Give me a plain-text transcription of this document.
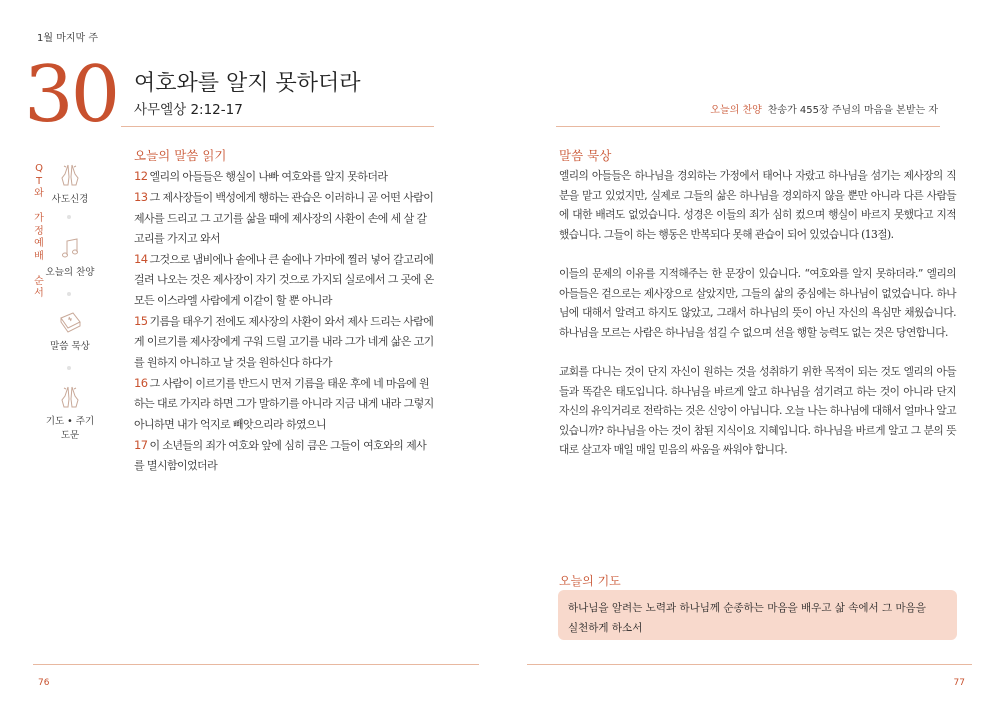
1월 마지막 주
30 여호와를 알지 못하더라
사무엘상 2:12-17	오늘의 찬양 찬송가 455장 주님의 마음을 본받는 자
Q
T
와

가
정
예
배

순
서
사도신경
오늘의 찬양
말씀 묵상
기도 • 주기도문
오늘의 말씀 읽기
12 엘리의 아들들은 행실이 나빠 여호와를 알지 못하더라
13 그 제사장들이 백성에게 행하는 관습은 이러하니 곧 어떤 사람이 제사를 드리고 그 고기를 삶을 때에 제사장의 사환이 손에 세 살 갈고리를 가지고 와서
14 그것으로 냄비에나 솥에나 큰 솥에나 가마에 찔러 넣어 갈고리에 걸려 나오는 것은 제사장이 자기 것으로 가지되 실로에서 그 곳에 온 모든 이스라엘 사람에게 이같이 할 뿐 아니라
15 기름을 태우기 전에도 제사장의 사환이 와서 제사 드리는 사람에게 이르기를 제사장에게 구워 드릴 고기를 내라 그가 네게 삶은 고기를 원하지 아니하고 날 것을 원하신다 하다가
16 그 사람이 이르기를 반드시 먼저 기름을 태운 후에 네 마음에 원하는 대로 가지라 하면 그가 말하기를 아니라 지금 내게 내라 그렇지 아니하면 내가 억지로 빼앗으리라 하였으니
17 이 소년들의 죄가 여호와 앞에 심히 큼은 그들이 여호와의 제사를 멸시함이었더라
말씀 묵상

엘리의 아들들은 하나님을 경외하는 가정에서 태어나 자랐고 하나님을 섬기는 제사장의 직분을 맡고 있었지만, 실제로 그들의 삶은 하나님을 경외하지 않을 뿐만 아니라 다른 사람들에 대한 배려도 없었습니다. 성경은 이들의 죄가 심히 컸으며 행실이 바르지 못했다고 지적했습니다. 그들이 하는 행동은 반복되다 못해 관습이 되어 있었습니다 (13절).

이들의 문제의 이유를 지적해주는 한 문장이 있습니다. “여호와를 알지 못하더라.” 엘리의 아들들은 겉으로는 제사장으로 살았지만, 그들의 삶의 중심에는 하나님이 없었습니다. 하나님에 대해서 알려고 하지도 않았고, 그래서 하나님의 뜻이 아닌 자신의 욕심만 채웠습니다. 하나님을 모르는 사람은 하나님을 섬길 수 없으며 선을 행할 능력도 없는 것은 당연합니다.

교회를 다니는 것이 단지 자신이 원하는 것을 성취하기 위한 목적이 되는 것도 엘리의 아들들과 똑같은 태도입니다. 하나님을 바르게 알고 하나님을 섬기려고 하는 것이 아니라 단지 자신의 유익거리로 전락하는 것은 신앙이 아닙니다. 오늘 나는 하나님에 대해서 얼마나 알고 있습니까? 하나님을 아는 것이 참된 지식이요 지혜입니다. 하나님을 바르게 알고 그 분의 뜻대로 살고자 매일 매일 믿음의 싸움을 싸워야 합니다.

오늘의 기도
하나님을 알려는 노력과 하나님께 순종하는 마음을 배우고 삶 속에서 그 마음을
실천하게 하소서
76	77
